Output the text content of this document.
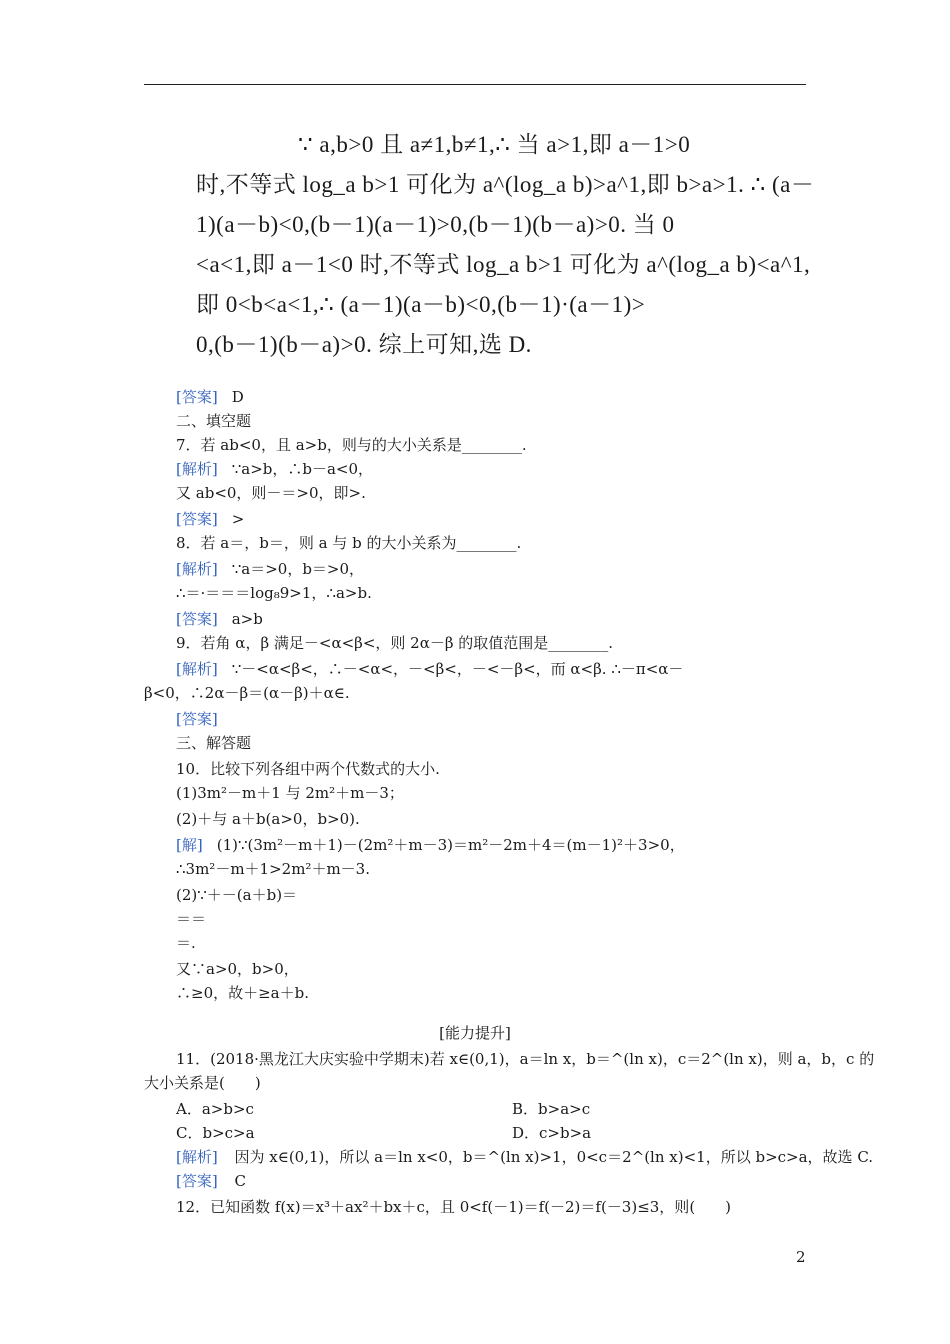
∵ a,b>0 且 a≠1,b≠1,∴ 当 a>1,即 a－1>0
时,不等式 log_a b>1 可化为 a^(log_a b)>a^1,即 b>a>1. ∴ (a－
1)(a－b)<0,(b－1)(a－1)>0,(b－1)(b－a)>0. 当 0
<a<1,即 a－1<0 时,不等式 log_a b>1 可化为 a^(log_a b)<a^1,
即 0<b<a<1,∴ (a－1)(a－b)<0,(b－1)·(a－1)>
0,(b－1)(b－a)>0. 综上可知,选 D.
[答案] D
二、填空题
7．若 ab<0，且 a>b，则与的大小关系是________.
[解析] ∵a>b，∴b－a<0，
又 ab<0，则－＝>0，即>.
[答案] >
8．若 a＝，b＝，则 a 与 b 的大小关系为________.
[解析] ∵a＝>0，b＝>0，
∴＝·＝＝＝log₈9>1，∴a>b.
[答案] a>b
9．若角 α，β 满足－<α<β<，则 2α－β 的取值范围是________.
[解析] ∵－<α<β<，∴－<α<，－<β<，－<－β<，而 α<β. ∴－π<α－
β<0，∴2α－β＝(α－β)＋α∈.
[答案]
三、解答题
10．比较下列各组中两个代数式的大小.
(1)3m²－m＋1 与 2m²＋m－3；
(2)＋与 a＋b(a>0，b>0).
[解] (1)∵(3m²－m＋1)－(2m²＋m－3)＝m²－2m＋4＝(m－1)²＋3>0，
∴3m²－m＋1>2m²＋m－3.
(2)∵＋－(a＋b)＝
＝＝
＝.
又∵a>0，b>0，
∴≥0，故＋≥a＋b.
[能力提升]
11．(2018·黑龙江大庆实验中学期末)若 x∈(0,1)，a＝ln x，b＝^(ln x)，c＝2^(ln x)，则 a，b，c 的
大小关系是(　　)
A．a>b>c	B．b>a>c
C．b>c>a	D．c>b>a
[解析] 因为 x∈(0,1)，所以 a＝ln x<0，b＝^(ln x)>1，0<c＝2^(ln x)<1，所以 b>c>a，故选 C.
[答案] C
12．已知函数 f(x)＝x³＋ax²＋bx＋c，且 0<f(－1)＝f(－2)＝f(－3)≤3，则(　　)
2
